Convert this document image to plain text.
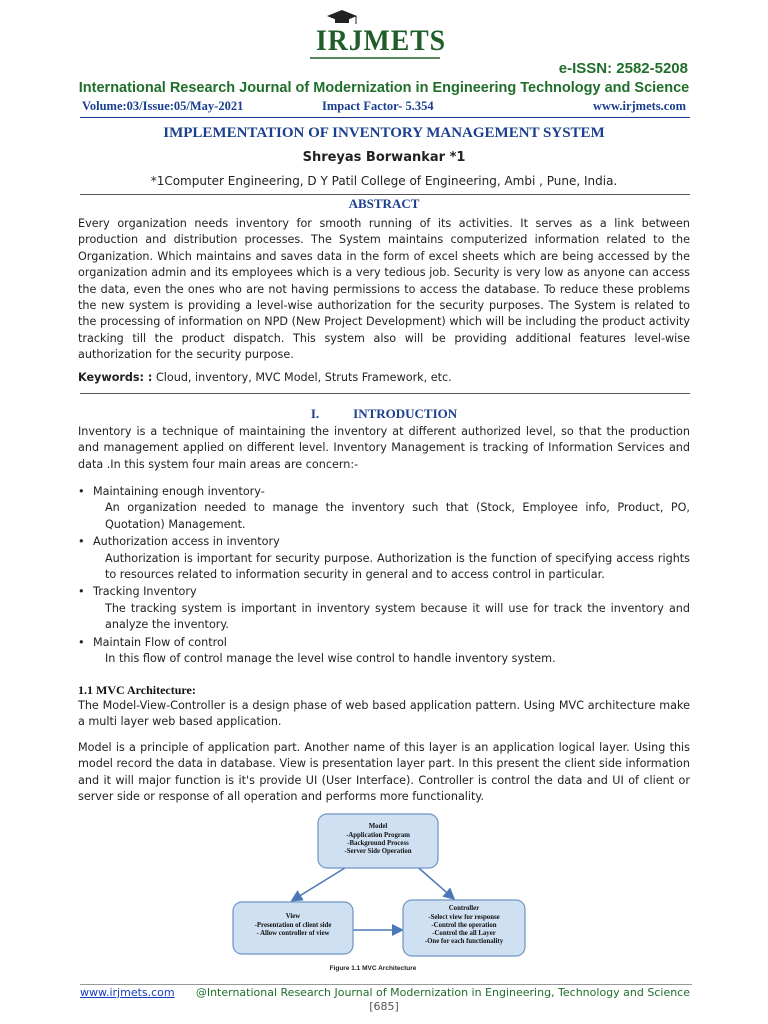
IRJMETS
e-ISSN: 2582-5208
International Research Journal of Modernization in Engineering Technology and Science
Volume:03/Issue:05/May-2021	Impact Factor- 5.354	www.irjmets.com
IMPLEMENTATION OF INVENTORY MANAGEMENT SYSTEM
Shreyas Borwankar *1
*1Computer Engineering, D Y Patil College of Engineering, Ambi , Pune, India.
ABSTRACT

Every organization needs inventory for smooth running of its activities. It serves as a link between production and distribution processes. The System maintains computerized information related to the Organization. Which maintains and saves data in the form of excel sheets which are being accessed by the organization admin and its employees which is a very tedious job. Security is very low as anyone can access the data, even the ones who are not having permissions to access the database. To reduce these problems the new system is providing a level-wise authorization for the security purposes. The System is related to the processing of information on NPD (New Project Development) which will be including the product activity tracking till the product dispatch. This system also will be providing additional features level-wise authorization for the security purpose.

Keywords: : Cloud, inventory, MVC Model, Struts Framework, etc.
I.	INTRODUCTION

Inventory is a technique of maintaining the inventory at different authorized level, so that the production and management applied on different level. Inventory Management is tracking of Information Services and data .In this system four main areas are concern:-

• Maintaining enough inventory-
An organization needed to manage the inventory such that (Stock, Employee info, Product, PO, Quotation) Management.
• Authorization access in inventory
Authorization is important for security purpose. Authorization is the function of specifying access rights to resources related to information security in general and to access control in particular.
• Tracking Inventory
The tracking system is important in inventory system because it will use for track the inventory and analyze the inventory.
• Maintain Flow of control
In this flow of control manage the level wise control to handle inventory system.
1.1 MVC Architecture:

The Model-View-Controller is a design phase of web based application pattern. Using MVC architecture make a multi layer web based application.

Model is a principle of application part. Another name of this layer is an application logical layer. Using this model record the data in database. View is presentation layer part. In this present the client side information and it will major function is it's provide UI (User Interface). Controller is control the data and UI of client or server side or response of all operation and performs more functionality.

Model
-Application Program
-Background Process
-Server Side Operation
View
-Presentation of client side
- Allow controller of view
Controller
-Select view for response
-Control the operation
-Control the all Layer
-One for each functionality
Figure 1.1 MVC Architecture
www.irjmets.com @International Research Journal of Modernization in Engineering, Technology and Science
[685]
